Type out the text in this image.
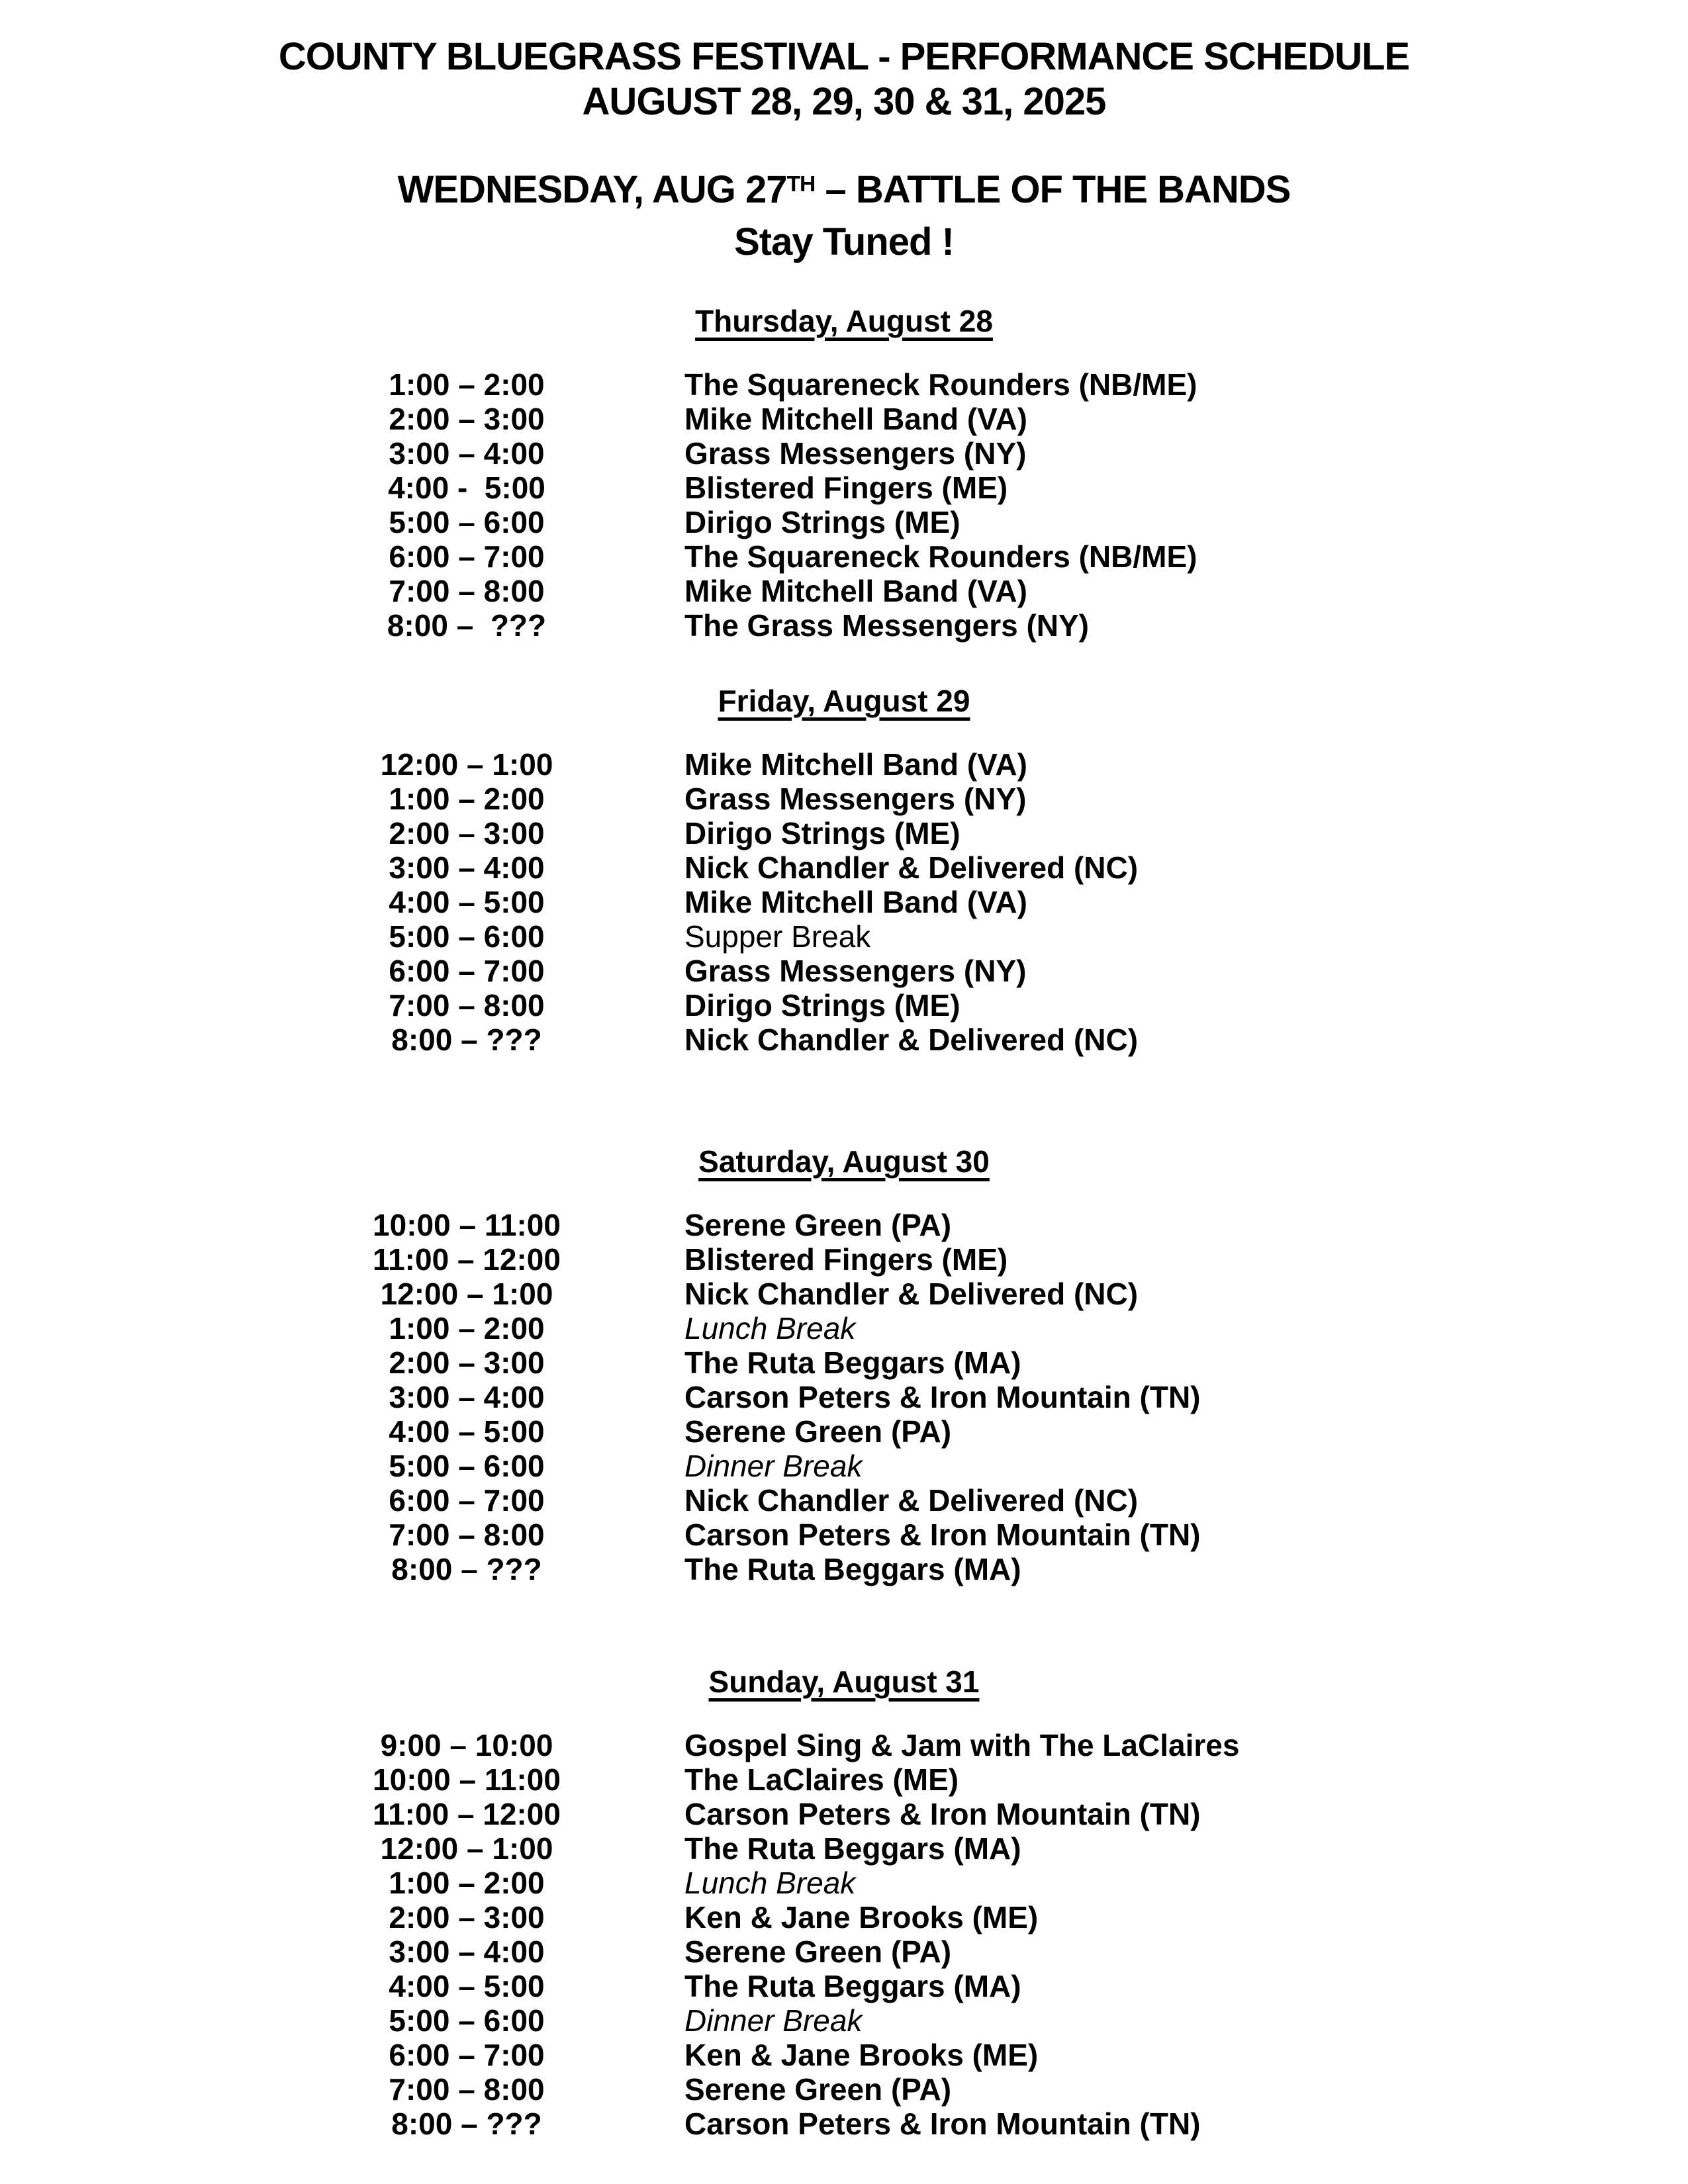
COUNTY BLUEGRASS FESTIVAL - PERFORMANCE SCHEDULE
AUGUST 28, 29, 30 & 31, 2025
WEDNESDAY, AUG 27TH – BATTLE OF THE BANDS
Stay Tuned !
Thursday, August 28
1:00 – 2:00	The Squareneck Rounders (NB/ME)
2:00 – 3:00	Mike Mitchell Band (VA)
3:00 – 4:00	Grass Messengers (NY)
4:00 -  5:00	Blistered Fingers (ME)
5:00 – 6:00	Dirigo Strings (ME)
6:00 – 7:00	The Squareneck Rounders (NB/ME)
7:00 – 8:00	Mike Mitchell Band (VA)
8:00 –  ???	The Grass Messengers (NY)
Friday, August 29
12:00 – 1:00	Mike Mitchell Band (VA)
1:00 – 2:00	Grass Messengers (NY)
2:00 – 3:00	Dirigo Strings (ME)
3:00 – 4:00	Nick Chandler & Delivered (NC)
4:00 – 5:00	Mike Mitchell Band (VA)
5:00 – 6:00	Supper Break
6:00 – 7:00	Grass Messengers (NY)
7:00 – 8:00	Dirigo Strings (ME)
8:00 – ???	Nick Chandler & Delivered (NC)
Saturday, August 30
10:00 – 11:00	Serene Green (PA)
11:00 – 12:00	Blistered Fingers (ME)
12:00 – 1:00	Nick Chandler & Delivered (NC)
1:00 – 2:00	Lunch Break
2:00 – 3:00	The Ruta Beggars (MA)
3:00 – 4:00	Carson Peters & Iron Mountain (TN)
4:00 – 5:00	Serene Green (PA)
5:00 – 6:00	Dinner Break
6:00 – 7:00	Nick Chandler & Delivered (NC)
7:00 – 8:00	Carson Peters & Iron Mountain (TN)
8:00 – ???	The Ruta Beggars (MA)
Sunday, August 31
9:00 – 10:00	Gospel Sing & Jam with The LaClaires
10:00 – 11:00	The LaClaires (ME)
11:00 – 12:00	Carson Peters & Iron Mountain (TN)
12:00 – 1:00	The Ruta Beggars (MA)
1:00 – 2:00	Lunch Break
2:00 – 3:00	Ken & Jane Brooks (ME)
3:00 – 4:00	Serene Green (PA)
4:00 – 5:00	The Ruta Beggars (MA)
5:00 – 6:00	Dinner Break
6:00 – 7:00	Ken & Jane Brooks (ME)
7:00 – 8:00	Serene Green (PA)
8:00 – ???	Carson Peters & Iron Mountain (TN)
